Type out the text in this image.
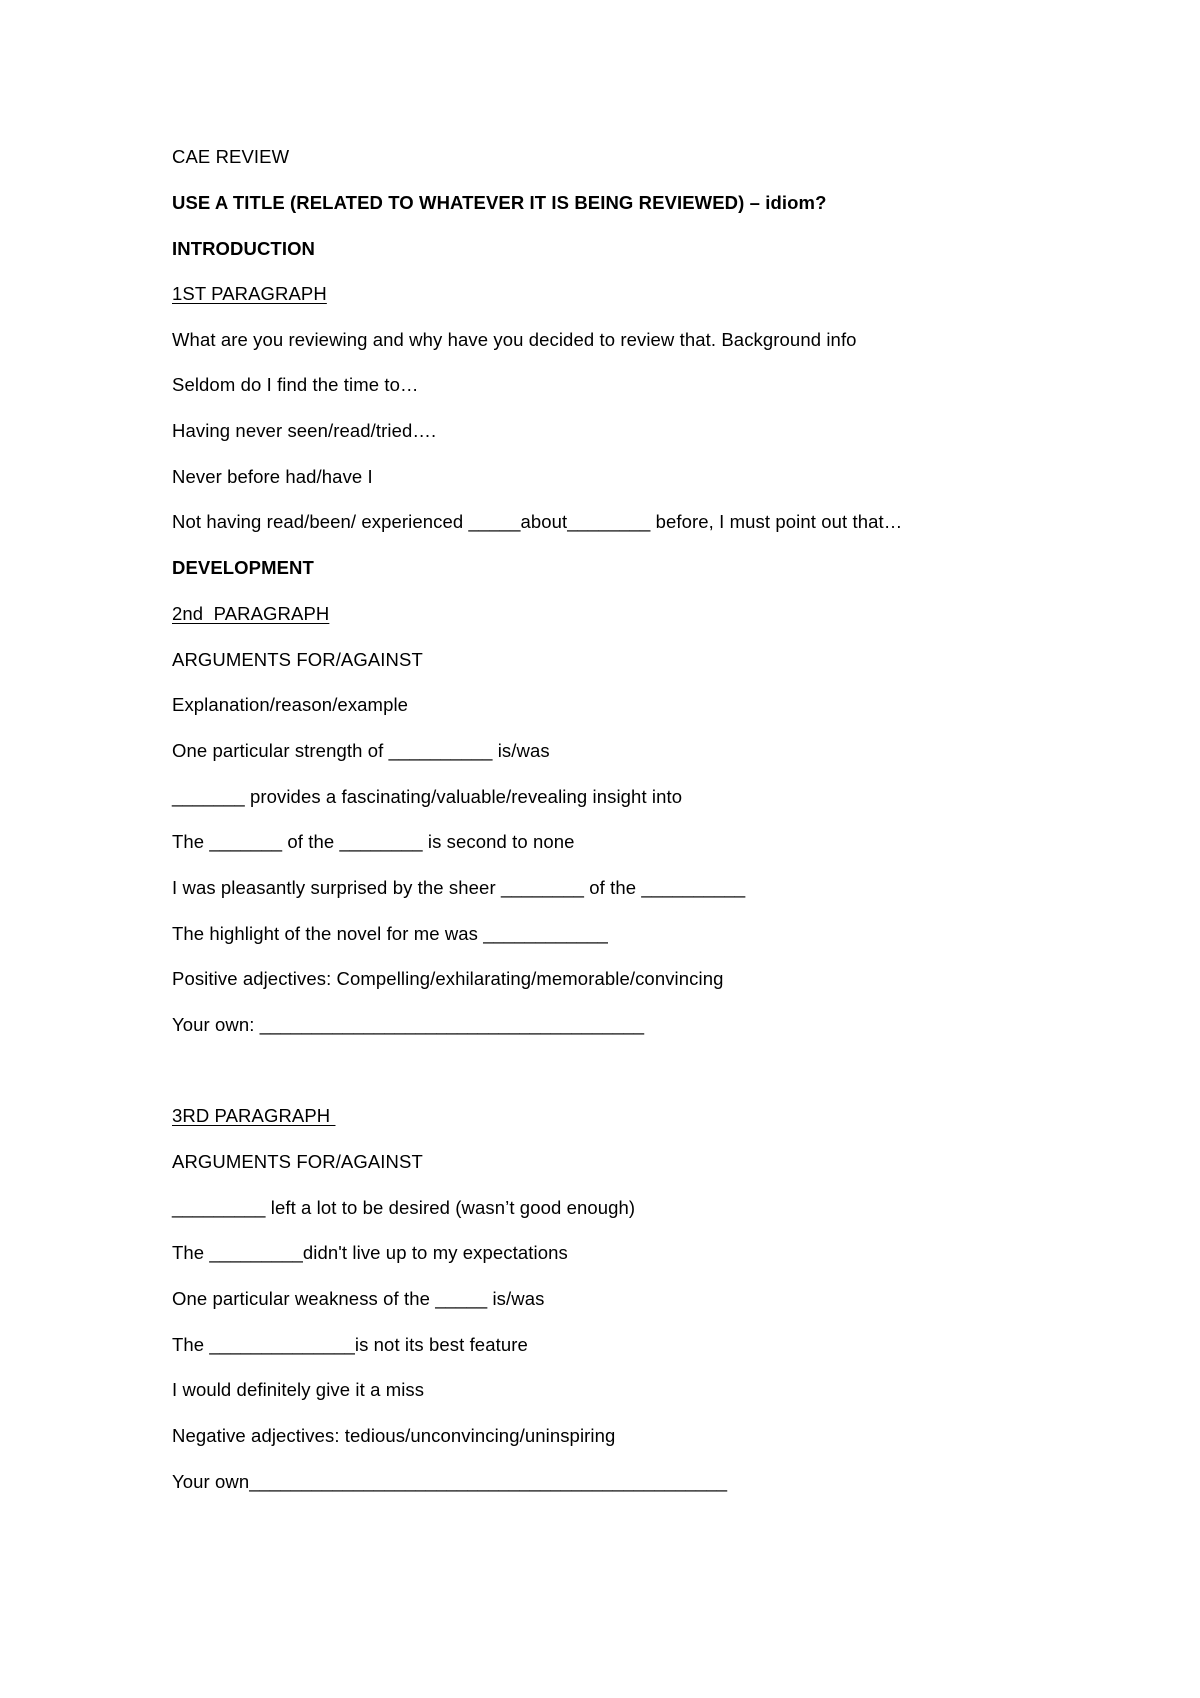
CAE REVIEW
USE A TITLE (RELATED TO WHATEVER IT IS BEING REVIEWED) – idiom?
INTRODUCTION
1ST PARAGRAPH
What are you reviewing and why have you decided to review that. Background info
Seldom do I find the time to…
Having never seen/read/tried….
Never before had/have I
Not having read/been/ experienced _____about________ before, I must point out that…
DEVELOPMENT
2nd  PARAGRAPH
ARGUMENTS FOR/AGAINST
Explanation/reason/example
One particular strength of __________ is/was
_______ provides a fascinating/valuable/revealing insight into
The _______ of the ________ is second to none
I was pleasantly surprised by the sheer ________ of the __________
The highlight of the novel for me was ____________
Positive adjectives: Compelling/exhilarating/memorable/convincing
Your own: _____________________________________
3RD PARAGRAPH
ARGUMENTS FOR/AGAINST
_________ left a lot to be desired (wasn’t good enough)
The _________didn't live up to my expectations
One particular weakness of the _____ is/was
The ______________is not its best feature
I would definitely give it a miss
Negative adjectives: tedious/unconvincing/uninspiring
Your own______________________________________________
